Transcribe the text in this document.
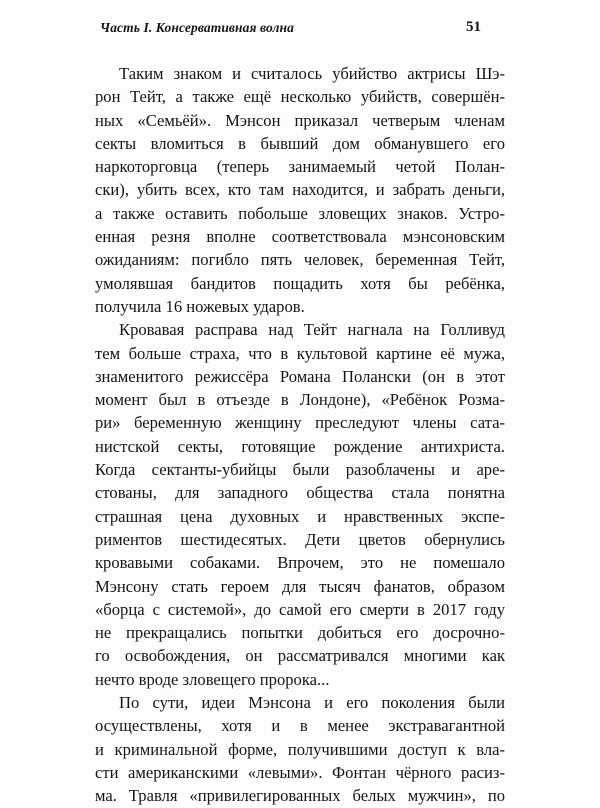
Часть I. Консервативная волна	51
Таким знаком и считалось убийство актрисы Шэ-
рон Тейт, а также ещё несколько убийств, совершён-
ных «Семьёй». Мэнсон приказал четверым членам
секты вломиться в бывший дом обманувшего его
наркоторговца (теперь занимаемый четой Полан-
ски), убить всех, кто там находится, и забрать деньги,
а также оставить побольше зловещих знаков. Устро-
енная резня вполне соответствовала мэнсоновским
ожиданиям: погибло пять человек, беременная Тейт,
умолявшая бандитов пощадить хотя бы ребёнка,
получила 16 ножевых ударов.
Кровавая расправа над Тейт нагнала на Голливуд
тем больше страха, что в культовой картине её мужа,
знаменитого режиссёра Романа Полански (он в этот
момент был в отъезде в Лондоне), «Ребёнок Розма-
ри» беременную женщину преследуют члены сата-
нистской секты, готовящие рождение антихриста.
Когда сектанты-убийцы были разоблачены и аре-
стованы, для западного общества стала понятна
страшная цена духовных и нравственных экспе-
риментов шестидесятых. Дети цветов обернулись
кровавыми собаками. Впрочем, это не помешало
Мэнсону стать героем для тысяч фанатов, образом
«борца с системой», до самой его смерти в 2017 году
не прекращались попытки добиться его досрочно-
го освобождения, он рассматривался многими как
нечто вроде зловещего пророка...
По сути, идеи Мэнсона и его поколения были
осуществлены, хотя и в менее экстравагантной
и криминальной форме, получившими доступ к вла-
сти американскими «левыми». Фонтан чёрного расиз-
ма. Травля «привилегированных белых мужчин», по
